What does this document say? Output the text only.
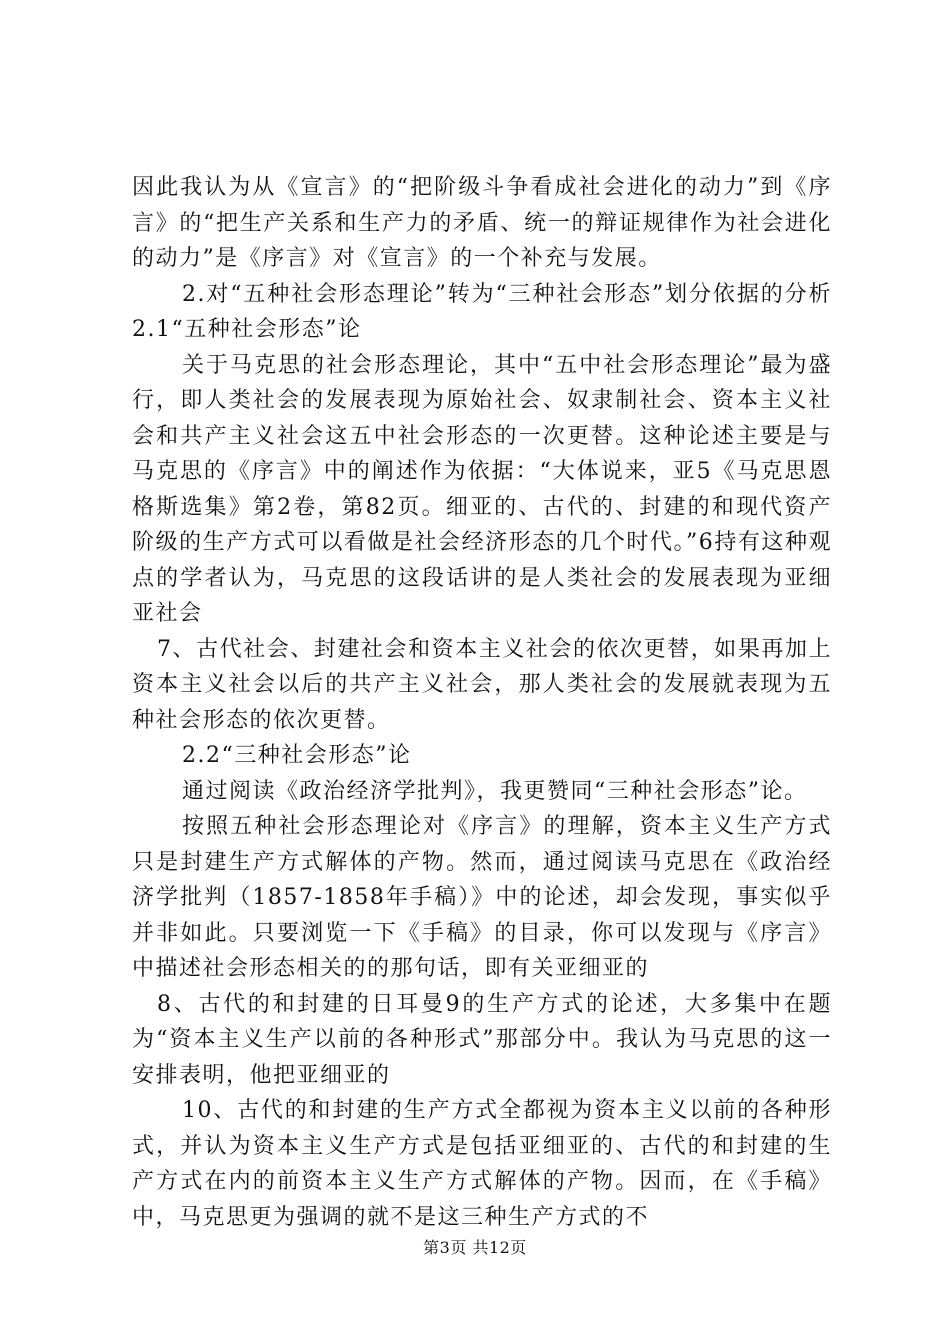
因此我认为从《宣言》的“把阶级斗争看成社会进化的动力”到《序言》的“把生产关系和生产力的矛盾、统一的辩证规律作为社会进化的动力”是《序言》对《宣言》的一个补充与发展。

2.对“五种社会形态理论”转为“三种社会形态”划分依据的分析2.1“五种社会形态”论

关于马克思的社会形态理论，其中“五中社会形态理论”最为盛行，即人类社会的发展表现为原始社会、奴隶制社会、资本主义社会和共产主义社会这五中社会形态的一次更替。这种论述主要是与马克思的《序言》中的阐述作为依据：“大体说来，亚5《马克思恩格斯选集》第2卷，第82页。细亚的、古代的、封建的和现代资产阶级的生产方式可以看做是社会经济形态的几个时代。”6持有这种观点的学者认为，马克思的这段话讲的是人类社会的发展表现为亚细亚社会

7、古代社会、封建社会和资本主义社会的依次更替，如果再加上资本主义社会以后的共产主义社会，那人类社会的发展就表现为五种社会形态的依次更替。

2.2“三种社会形态”论

通过阅读《政治经济学批判》，我更赞同“三种社会形态”论。

按照五种社会形态理论对《序言》的理解，资本主义生产方式只是封建生产方式解体的产物。然而，通过阅读马克思在《政治经济学批判（1857-1858年手稿）》中的论述，却会发现，事实似乎并非如此。只要浏览一下《手稿》的目录，你可以发现与《序言》中描述社会形态相关的的那句话，即有关亚细亚的

8、古代的和封建的日耳曼9的生产方式的论述，大多集中在题为“资本主义生产以前的各种形式”那部分中。我认为马克思的这一安排表明，他把亚细亚的

10、古代的和封建的生产方式全都视为资本主义以前的各种形式，并认为资本主义生产方式是包括亚细亚的、古代的和封建的生产方式在内的前资本主义生产方式解体的产物。因而，在《手稿》中，马克思更为强调的就不是这三种生产方式的不

第3页 共12页
